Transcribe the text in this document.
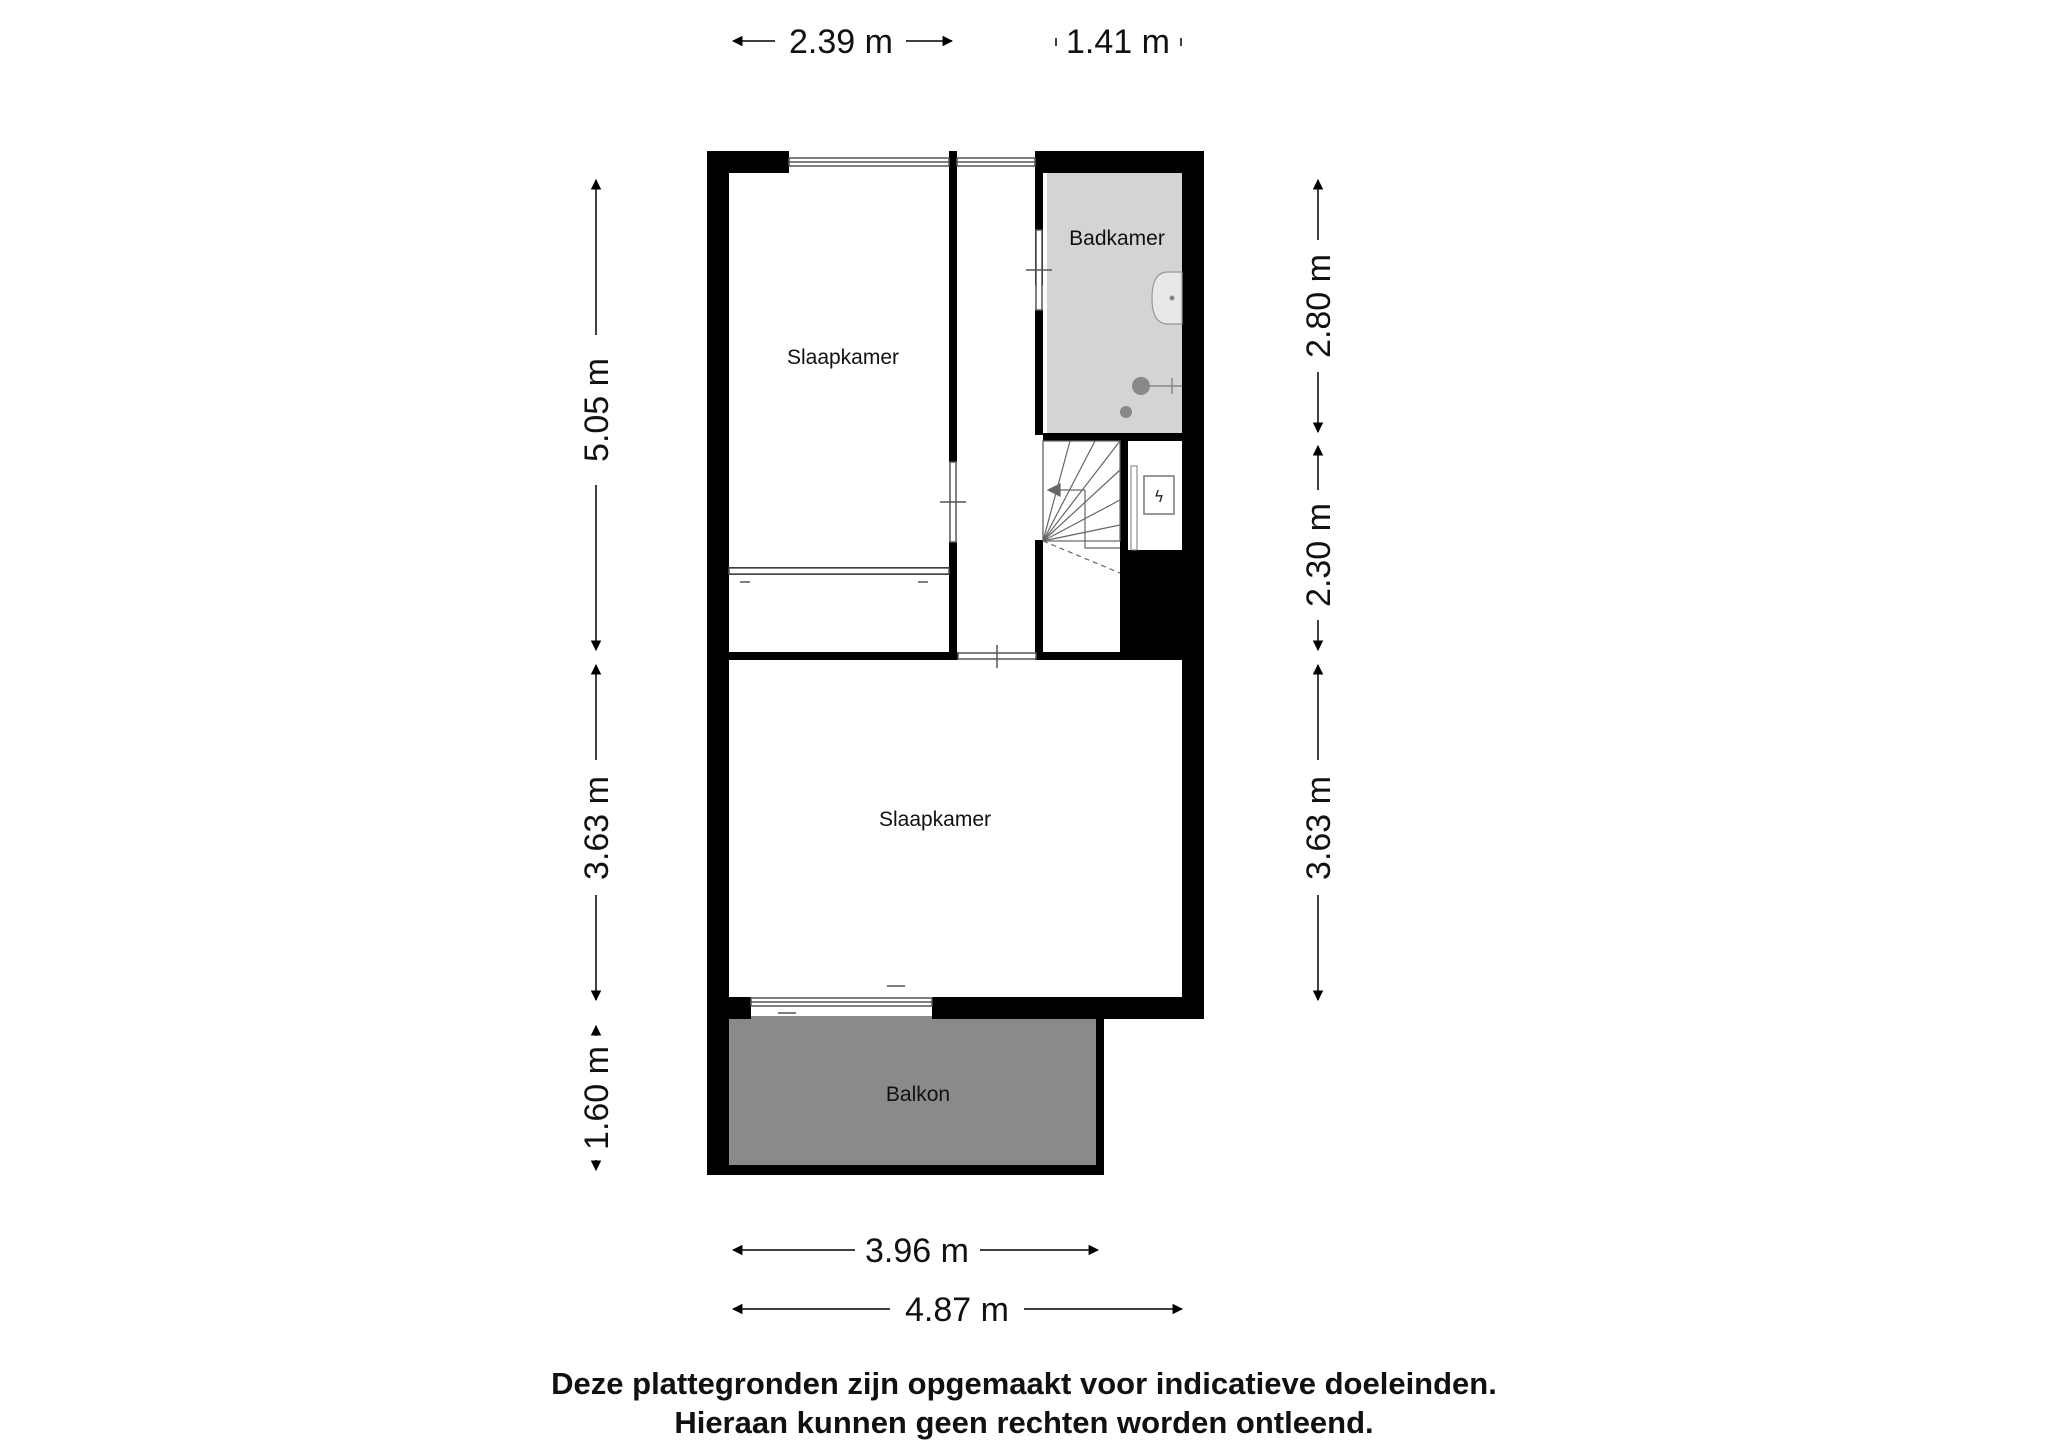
ϟ
Slaapkamer
Badkamer
Slaapkamer
Balkon
2.39 m	1.41 m
5.05 m
3.63 m
1.60 m
2.80 m
2.30 m
3.63 m
3.96 m
4.87 m
Deze plattegronden zijn opgemaakt voor indicatieve doeleinden.
Hieraan kunnen geen rechten worden ontleend.
